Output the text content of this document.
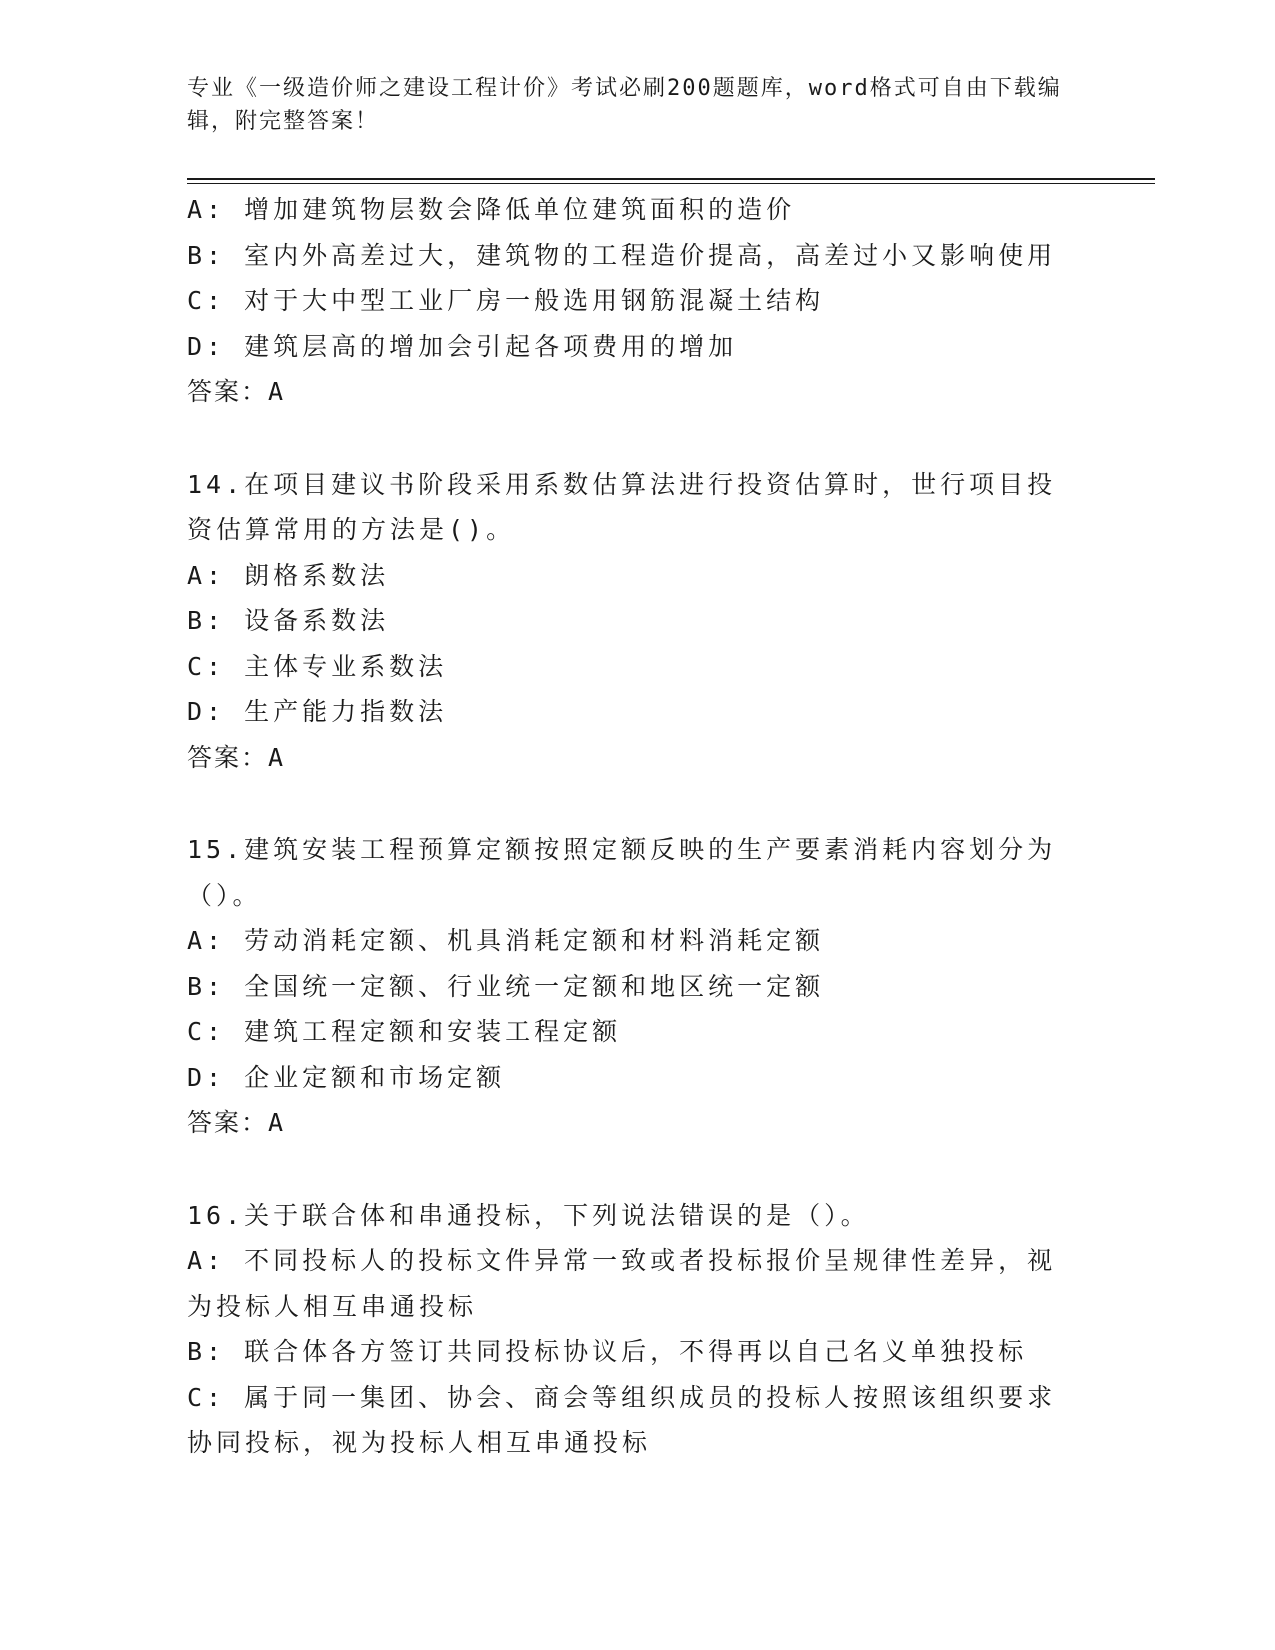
专业《一级造价师之建设工程计价》考试必刷200题题库，word格式可自由下载编辑，附完整答案！
A: 增加建筑物层数会降低单位建筑面积的造价
B: 室内外高差过大，建筑物的工程造价提高，高差过小又影响使用
C: 对于大中型工业厂房一般选用钢筋混凝土结构
D: 建筑层高的增加会引起各项费用的增加
答案：A
14.在项目建议书阶段采用系数估算法进行投资估算时，世行项目投资估算常用的方法是()。
A: 朗格系数法
B: 设备系数法
C: 主体专业系数法
D: 生产能力指数法
答案：A
15.建筑安装工程预算定额按照定额反映的生产要素消耗内容划分为（）。
A: 劳动消耗定额、机具消耗定额和材料消耗定额
B: 全国统一定额、行业统一定额和地区统一定额
C: 建筑工程定额和安装工程定额
D: 企业定额和市场定额
答案：A
16.关于联合体和串通投标，下列说法错误的是（）。
A: 不同投标人的投标文件异常一致或者投标报价呈规律性差异，视为投标人相互串通投标
B: 联合体各方签订共同投标协议后，不得再以自己名义单独投标
C: 属于同一集团、协会、商会等组织成员的投标人按照该组织要求协同投标，视为投标人相互串通投标
